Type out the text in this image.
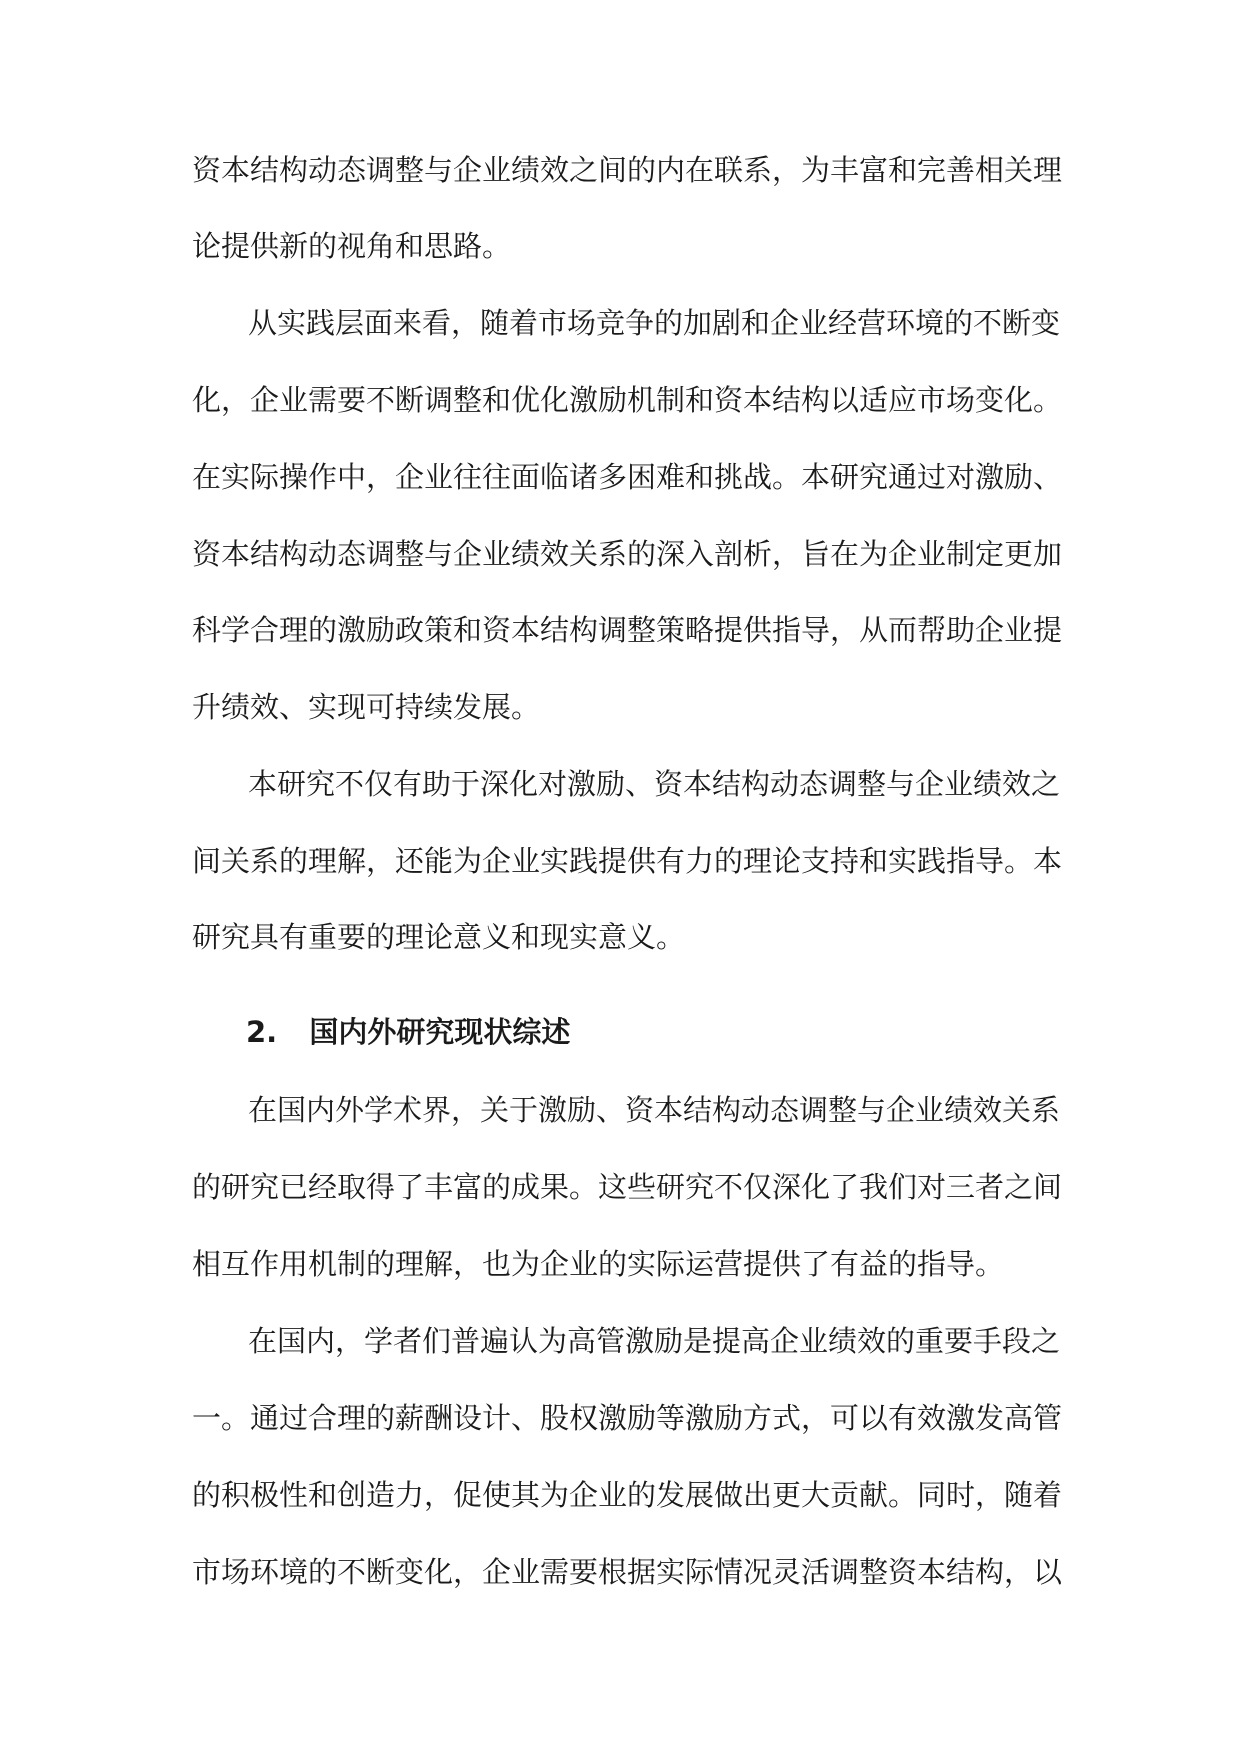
资本结构动态调整与企业绩效之间的内在联系，为丰富和完善相关理
论提供新的视角和思路。
从实践层面来看，随着市场竞争的加剧和企业经营环境的不断变
化，企业需要不断调整和优化激励机制和资本结构以适应市场变化。
在实际操作中，企业往往面临诸多困难和挑战。本研究通过对激励、
资本结构动态调整与企业绩效关系的深入剖析，旨在为企业制定更加
科学合理的激励政策和资本结构调整策略提供指导，从而帮助企业提
升绩效、实现可持续发展。
本研究不仅有助于深化对激励、资本结构动态调整与企业绩效之
间关系的理解，还能为企业实践提供有力的理论支持和实践指导。本
研究具有重要的理论意义和现实意义。
2. 国内外研究现状综述
在国内外学术界，关于激励、资本结构动态调整与企业绩效关系
的研究已经取得了丰富的成果。这些研究不仅深化了我们对三者之间
相互作用机制的理解，也为企业的实际运营提供了有益的指导。
在国内，学者们普遍认为高管激励是提高企业绩效的重要手段之
一。通过合理的薪酬设计、股权激励等激励方式，可以有效激发高管
的积极性和创造力，促使其为企业的发展做出更大贡献。同时，随着
市场环境的不断变化，企业需要根据实际情况灵活调整资本结构，以
